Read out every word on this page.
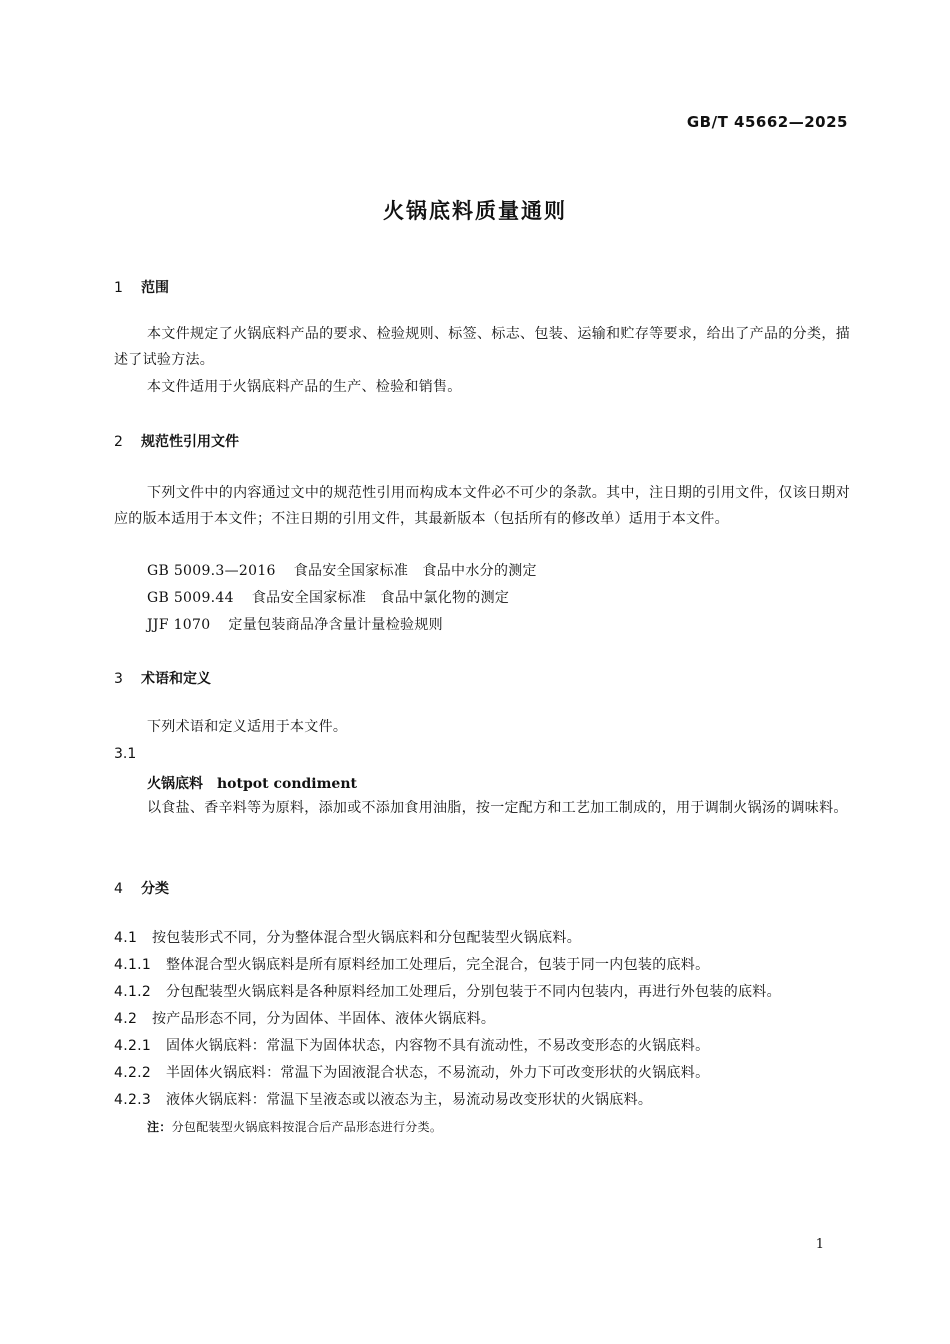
GB/T 45662—2025
火锅底料质量通则
1 范围
本文件规定了火锅底料产品的要求、检验规则、标签、标志、包装、运输和贮存等要求，给出了产品的分类，描述了试验方法。
本文件适用于火锅底料产品的生产、检验和销售。
2 规范性引用文件
下列文件中的内容通过文中的规范性引用而构成本文件必不可少的条款。其中，注日期的引用文件，仅该日期对应的版本适用于本文件；不注日期的引用文件，其最新版本（包括所有的修改单）适用于本文件。
GB 5009.3—2016 食品安全国家标准　食品中水分的测定
GB 5009.44 食品安全国家标准　食品中氯化物的测定
JJF 1070 定量包装商品净含量计量检验规则
3 术语和定义
下列术语和定义适用于本文件。
3.1
火锅底料 hotpot condiment
以食盐、香辛料等为原料，添加或不添加食用油脂，按一定配方和工艺加工制成的，用于调制火锅汤的调味料。
4 分类
4.1 按包装形式不同，分为整体混合型火锅底料和分包配装型火锅底料。
4.1.1 整体混合型火锅底料是所有原料经加工处理后，完全混合，包装于同一内包装的底料。
4.1.2 分包配装型火锅底料是各种原料经加工处理后，分别包装于不同内包装内，再进行外包装的底料。
4.2 按产品形态不同，分为固体、半固体、液体火锅底料。
4.2.1 固体火锅底料：常温下为固体状态，内容物不具有流动性，不易改变形态的火锅底料。
4.2.2 半固体火锅底料：常温下为固液混合状态，不易流动，外力下可改变形状的火锅底料。
4.2.3 液体火锅底料：常温下呈液态或以液态为主，易流动易改变形状的火锅底料。
注：分包配装型火锅底料按混合后产品形态进行分类。
1
